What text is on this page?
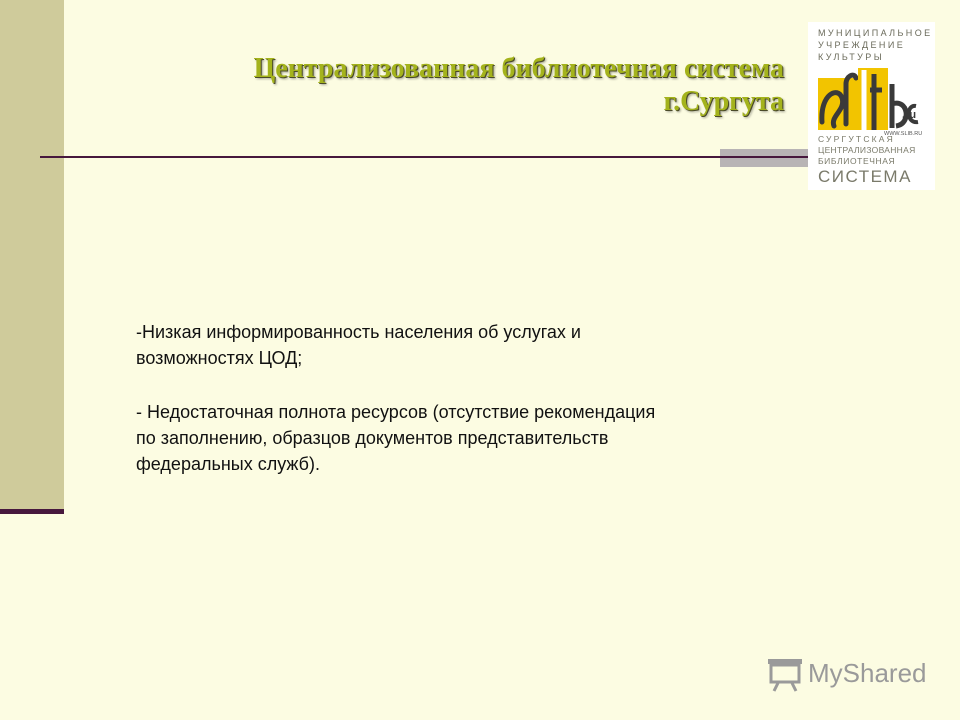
Централизованная библиотечная система
г.Сургута
МУНИЦИПАЛЬНОЕ
УЧРЕЖДЕНИЕ
КУЛЬТУРЫ
.ru
WWW.SLIB.RU
СУРГУТСКАЯ
ЦЕНТРАЛИЗОВАННАЯ
БИБЛИОТЕЧНАЯ
СИСТЕМА

-Низкая информированность населения об услугах и

возможностях ЦОД;

- Недостаточная полнота ресурсов (отсутствие рекомендация

по заполнению, образцов документов представительств

федеральных служб).

MyShared
